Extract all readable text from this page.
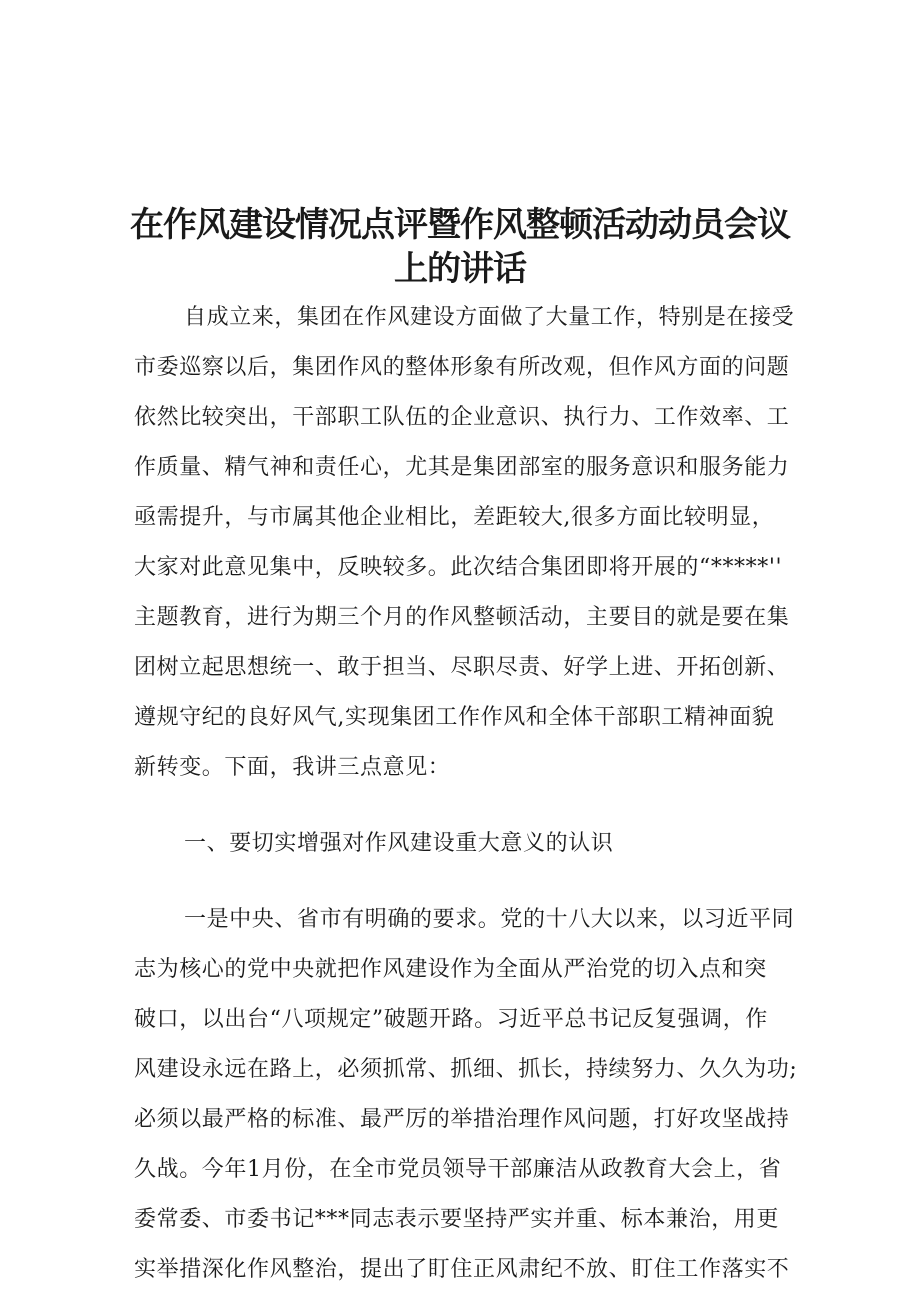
在作风建设情况点评暨作风整顿活动动员会议
上的讲话
自成立来，集团在作风建设方面做了大量工作，特别是在接受
市委巡察以后，集团作风的整体形象有所改观，但作风方面的问题
依然比较突出，干部职工队伍的企业意识、执行力、工作效率、工
作质量、精气神和责任心，尤其是集团部室的服务意识和服务能力
亟需提升，与市属其他企业相比，差距较大,很多方面比较明显，
大家对此意见集中，反映较多。此次结合集团即将开展的“*****''
主题教育，进行为期三个月的作风整顿活动，主要目的就是要在集
团树立起思想统一、敢于担当、尽职尽责、好学上进、开拓创新、
遵规守纪的良好风气,实现集团工作作风和全体干部职工精神面貌
新转变。下面，我讲三点意见：
一、要切实增强对作风建设重大意义的认识
一是中央、省市有明确的要求。党的十八大以来，以习近平同
志为核心的党中央就把作风建设作为全面从严治党的切入点和突
破口，以出台“八项规定”破题开路。习近平总书记反复强调，作
风建设永远在路上，必须抓常、抓细、抓长，持续努力、久久为功;
必须以最严格的标准、最严厉的举措治理作风问题，打好攻坚战持
久战。今年1月份，在全市党员领导干部廉洁从政教育大会上，省
委常委、市委书记***同志表示要坚持严实并重、标本兼治，用更
实举措深化作风整治，提出了盯住正风肃纪不放、盯住工作落实不
